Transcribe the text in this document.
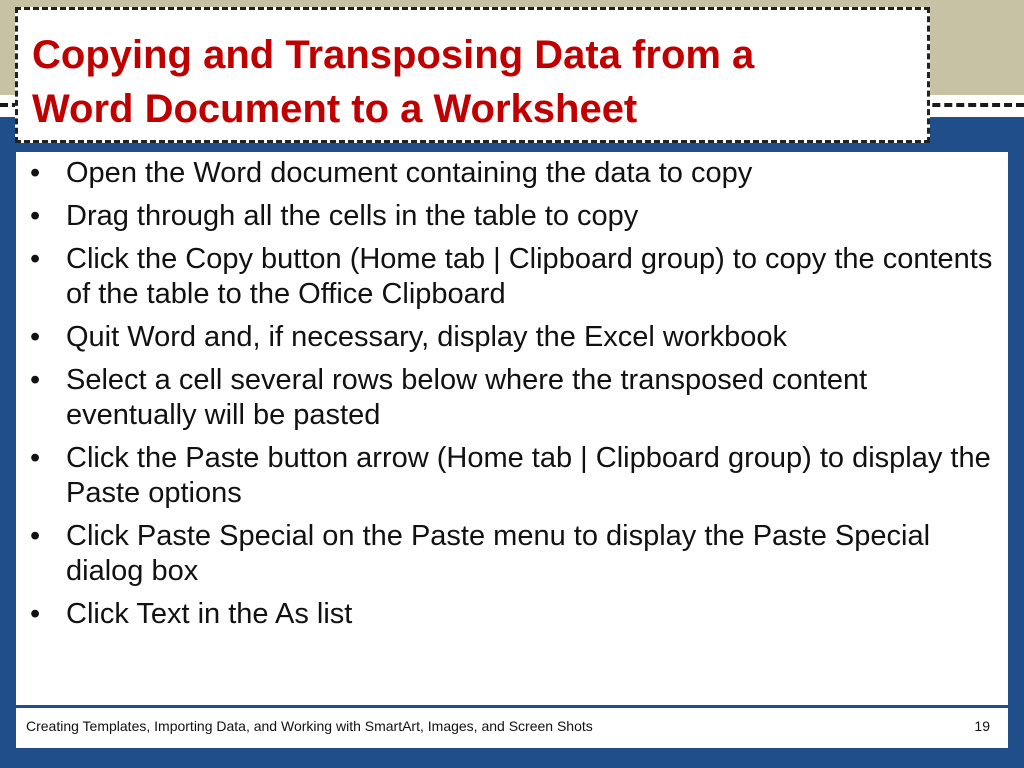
• Open the Word document containing the data to copy
• Drag through all the cells in the table to copy
• Click the Copy button (Home tab | Clipboard group) to copy the contents of the table to the Office Clipboard
• Quit Word and, if necessary, display the Excel workbook
• Select a cell several rows below where the transposed content eventually will be pasted
• Click the Paste button arrow (Home tab | Clipboard group) to display the Paste options
• Click Paste Special on the Paste menu to display the Paste Special dialog box
• Click Text in the As list
Copying and Transposing Data from a
Word Document to a Worksheet
Creating Templates, Importing Data, and Working with SmartArt, Images, and Screen Shots	19
